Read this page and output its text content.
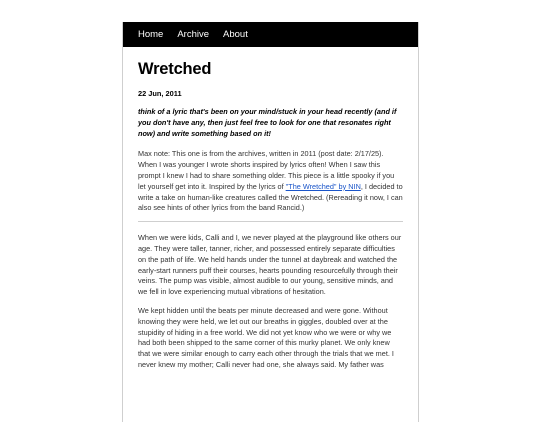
Home Archive About
Wretched
22 Jun, 2011
think of a lyric that's been on your mind/stuck in your head recently (and if you don't have any, then just feel free to look for one that resonates right now) and write something based on it!

Max note: This one is from the archives, written in 2011 (post date: 2/17/25). When I was younger I wrote shorts inspired by lyrics often! When I saw this prompt I knew I had to share something older. This piece is a little spooky if you let yourself get into it. Inspired by the lyrics of "The Wretched" by NIN, I decided to write a take on human-like creatures called the Wretched. (Rereading it now, I can also see hints of other lyrics from the band Rancid.)

When we were kids, Calli and I, we never played at the playground like others our age. They were taller, tanner, richer, and possessed entirely separate difficulties on the path of life. We held hands under the tunnel at daybreak and watched the early-start runners puff their courses, hearts pounding resourcefully through their veins. The pump was visible, almost audible to our young, sensitive minds, and we fell in love experiencing mutual vibrations of hesitation.

We kept hidden until the beats per minute decreased and were gone. Without knowing they were held, we let out our breaths in giggles, doubled over at the stupidity of hiding in a free world. We did not yet know who we were or why we had both been shipped to the same corner of this murky planet. We only knew that we were similar enough to carry each other through the trials that we met. I never knew my mother; Calli never had one, she always said. My father was
